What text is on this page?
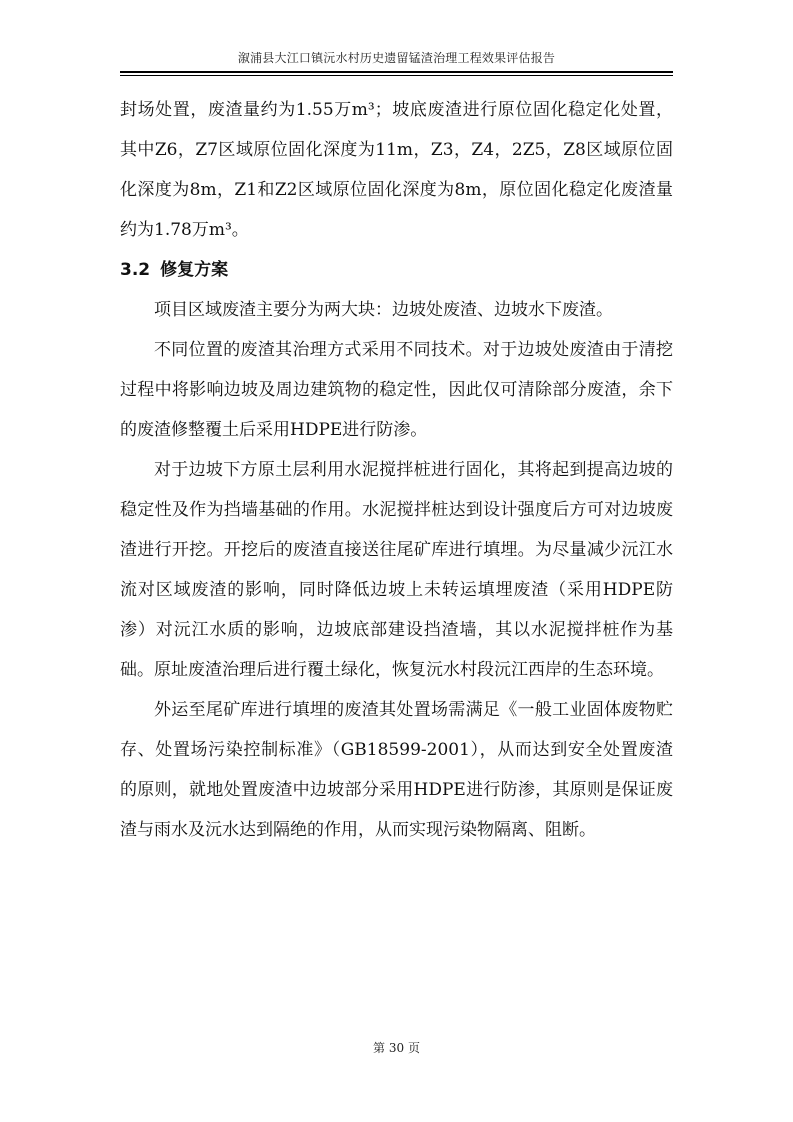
溆浦县大江口镇沅水村历史遗留锰渣治理工程效果评估报告

封场处置，废渣量约为1.55万m³；坡底废渣进行原位固化稳定化处置，其中Z6，Z7区域原位固化深度为11m，Z3，Z4，2Z5，Z8区域原位固化深度为8m，Z1和Z2区域原位固化深度为8m，原位固化稳定化废渣量约为1.78万m³。

3.2 修复方案

项目区域废渣主要分为两大块：边坡处废渣、边坡水下废渣。

不同位置的废渣其治理方式采用不同技术。对于边坡处废渣由于清挖过程中将影响边坡及周边建筑物的稳定性，因此仅可清除部分废渣，余下的废渣修整覆土后采用HDPE进行防渗。

对于边坡下方原土层利用水泥搅拌桩进行固化，其将起到提高边坡的稳定性及作为挡墙基础的作用。水泥搅拌桩达到设计强度后方可对边坡废渣进行开挖。开挖后的废渣直接送往尾矿库进行填埋。为尽量减少沅江水流对区域废渣的影响，同时降低边坡上未转运填埋废渣（采用HDPE防渗）对沅江水质的影响，边坡底部建设挡渣墙，其以水泥搅拌桩作为基础。原址废渣治理后进行覆土绿化，恢复沅水村段沅江西岸的生态环境。

外运至尾矿库进行填埋的废渣其处置场需满足《一般工业固体废物贮存、处置场污染控制标准》（GB18599-2001），从而达到安全处置废渣的原则，就地处置废渣中边坡部分采用HDPE进行防渗，其原则是保证废渣与雨水及沅水达到隔绝的作用，从而实现污染物隔离、阻断。

第 30 页
